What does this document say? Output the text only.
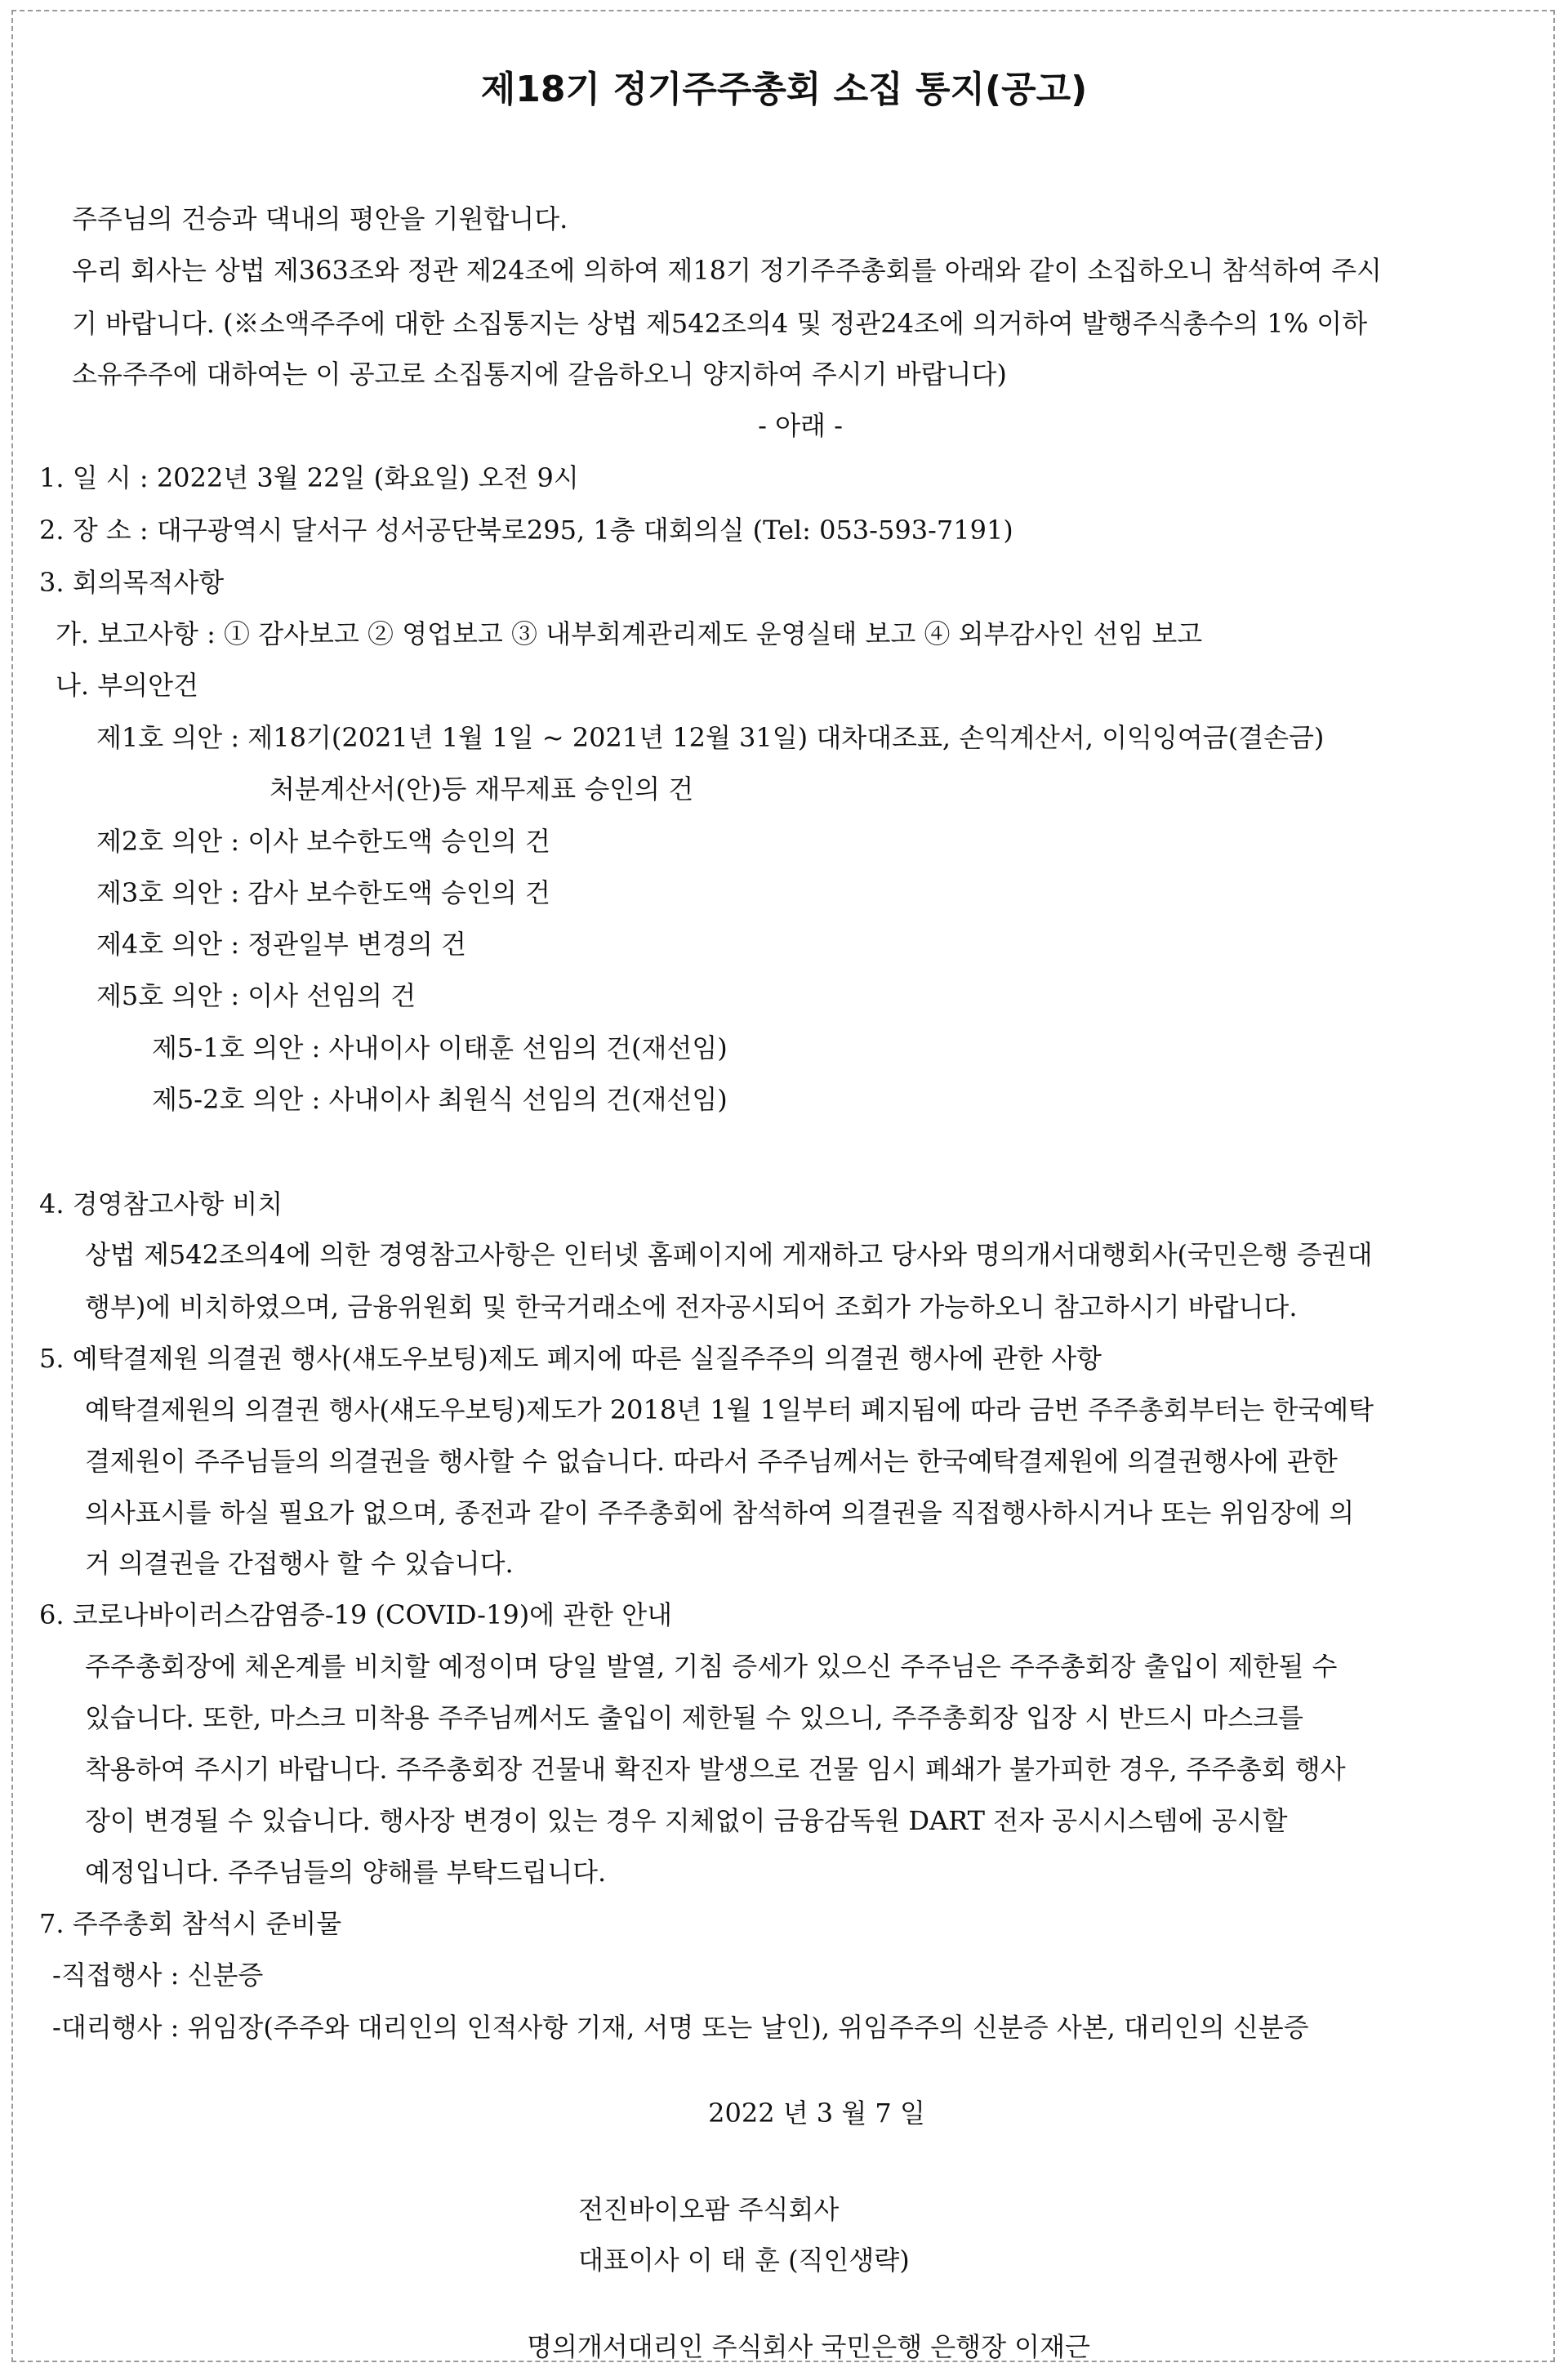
제18기 정기주주총회 소집 통지(공고)
주주님의 건승과 댁내의 평안을 기원합니다.
우리 회사는 상법 제363조와 정관 제24조에 의하여 제18기 정기주주총회를 아래와 같이 소집하오니 참석하여 주시
기 바랍니다. (※소액주주에 대한 소집통지는 상법 제542조의4 및 정관24조에 의거하여 발행주식총수의 1% 이하
소유주주에 대하여는 이 공고로 소집통지에 갈음하오니 양지하여 주시기 바랍니다)
- 아래 -
1. 일 시 : 2022년 3월 22일 (화요일) 오전 9시
2. 장 소 : 대구광역시 달서구 성서공단북로295, 1층 대회의실 (Tel: 053-593-7191)
3. 회의목적사항
가. 보고사항 : ① 감사보고 ② 영업보고 ③ 내부회계관리제도 운영실태 보고 ④ 외부감사인 선임 보고
나. 부의안건
제1호 의안 : 제18기(2021년 1월 1일 ~ 2021년 12월 31일) 대차대조표, 손익계산서, 이익잉여금(결손금)
처분계산서(안)등 재무제표 승인의 건
제2호 의안 : 이사 보수한도액 승인의 건
제3호 의안 : 감사 보수한도액 승인의 건
제4호 의안 : 정관일부 변경의 건
제5호 의안 : 이사 선임의 건
제5-1호 의안 : 사내이사 이태훈 선임의 건(재선임)
제5-2호 의안 : 사내이사 최원식 선임의 건(재선임)
4. 경영참고사항 비치
상법 제542조의4에 의한 경영참고사항은 인터넷 홈페이지에 게재하고 당사와 명의개서대행회사(국민은행 증권대
행부)에 비치하였으며, 금융위원회 및 한국거래소에 전자공시되어 조회가 가능하오니 참고하시기 바랍니다.
5. 예탁결제원 의결권 행사(섀도우보팅)제도 폐지에 따른 실질주주의 의결권 행사에 관한 사항
예탁결제원의 의결권 행사(섀도우보팅)제도가 2018년 1월 1일부터 폐지됨에 따라 금번 주주총회부터는 한국예탁
결제원이 주주님들의 의결권을 행사할 수 없습니다. 따라서 주주님께서는 한국예탁결제원에 의결권행사에 관한
의사표시를 하실 필요가 없으며, 종전과 같이 주주총회에 참석하여 의결권을 직접행사하시거나 또는 위임장에 의
거 의결권을 간접행사 할 수 있습니다.
6. 코로나바이러스감염증-19 (COVID-19)에 관한 안내
주주총회장에 체온계를 비치할 예정이며 당일 발열, 기침 증세가 있으신 주주님은 주주총회장 출입이 제한될 수
있습니다. 또한, 마스크 미착용 주주님께서도 출입이 제한될 수 있으니, 주주총회장 입장 시 반드시 마스크를
착용하여 주시기 바랍니다. 주주총회장 건물내 확진자 발생으로 건물 임시 폐쇄가 불가피한 경우, 주주총회 행사
장이 변경될 수 있습니다. 행사장 변경이 있는 경우 지체없이 금융감독원 DART 전자 공시시스템에 공시할
예정입니다. 주주님들의 양해를 부탁드립니다.
7. 주주총회 참석시 준비물
-직접행사 : 신분증
-대리행사 : 위임장(주주와 대리인의 인적사항 기재, 서명 또는 날인), 위임주주의 신분증 사본, 대리인의 신분증
2022 년 3 월 7 일
전진바이오팜 주식회사
대표이사 이 태 훈 (직인생략)
명의개서대리인 주식회사 국민은행 은행장 이재근
